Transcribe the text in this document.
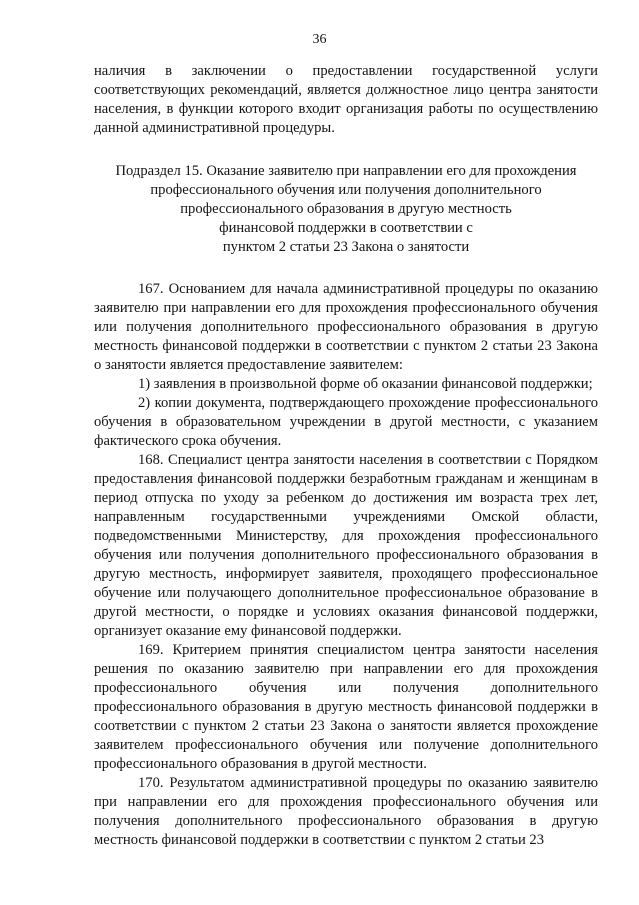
36

наличия в заключении о предоставлении государственной услуги соответствующих рекомендаций, является должностное лицо центра занятости населения, в функции которого входит организация работы по осуществлению данной административной процедуры.

Подраздел 15. Оказание заявителю при направлении его для прохождения
профессионального обучения или получения дополнительного
профессионального образования в другую местность
финансовой поддержки в соответствии с
пунктом 2 статьи 23 Закона о занятости

167. Основанием для начала административной процедуры по оказанию заявителю при направлении его для прохождения профессионального обучения или получения дополнительного профессионального образования в другую местность финансовой поддержки в соответствии с пунктом 2 статьи 23 Закона о занятости является предоставление заявителем:

1) заявления в произвольной форме об оказании финансовой поддержки;

2) копии документа, подтверждающего прохождение профессионального обучения в образовательном учреждении в другой местности, с указанием фактического срока обучения.

168. Специалист центра занятости населения в соответствии с Порядком предоставления финансовой поддержки безработным гражданам и женщинам в период отпуска по уходу за ребенком до достижения им возраста трех лет, направленным государственными учреждениями Омской области, подведомственными Министерству, для прохождения профессионального обучения или получения дополнительного профессионального образования в другую местность, информирует заявителя, проходящего профессиональное обучение или получающего дополнительное профессиональное образование в другой местности, о порядке и условиях оказания финансовой поддержки, организует оказание ему финансовой поддержки.

169. Критерием принятия специалистом центра занятости населения решения по оказанию заявителю при направлении его для прохождения профессионального обучения или получения дополнительного профессионального образования в другую местность финансовой поддержки в соответствии с пунктом 2 статьи 23 Закона о занятости является прохождение заявителем профессионального обучения или получение дополнительного профессионального образования в другой местности.

170. Результатом административной процедуры по оказанию заявителю при направлении его для прохождения профессионального обучения или получения дополнительного профессионального образования в другую местность финансовой поддержки в соответствии с пунктом 2 статьи 23
